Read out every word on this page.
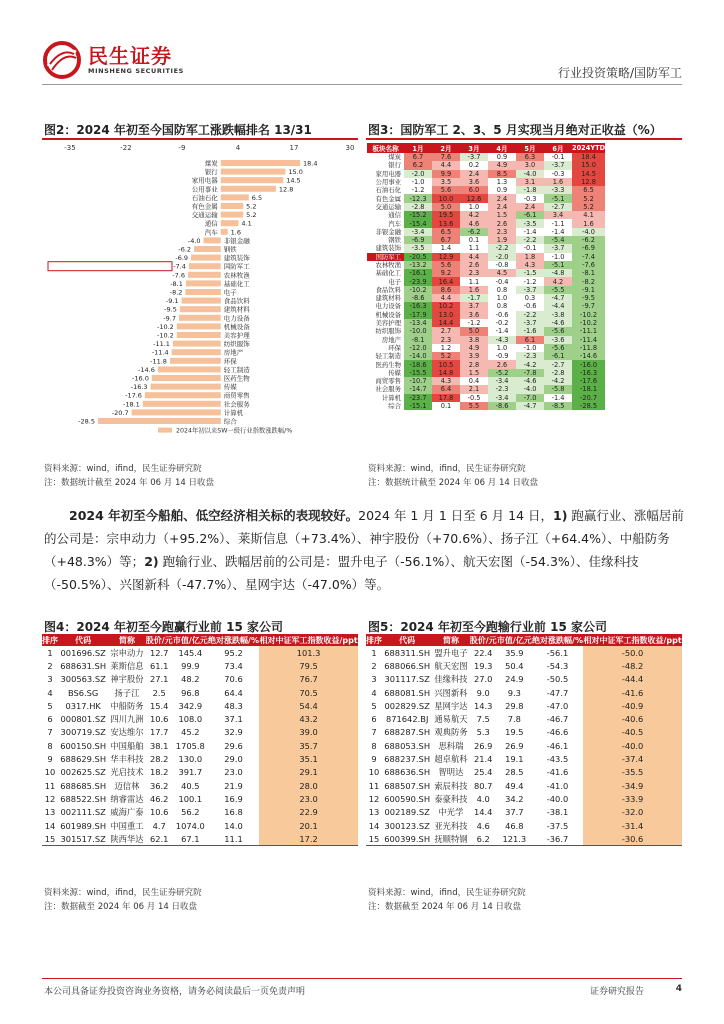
民生证券
MINSHENG SECURITIES	行业投资策略/国防军工
图2：2024 年初至今国防军工涨跌幅排名 13/31
-35	-22	-9	4	17	30
煤炭	18.4
银行	15.0
家用电器	14.5
公用事业	12.8
石油石化	6.5
有色金属	5.2
交通运输	5.2
通信	4.1
汽车 1.6
非银金融
-4.0
钢铁
-6.2
建筑装饰
-6.9
国防军工
-7.4
农林牧渔
-7.6
基础化工
-8.1
电子
-8.2
食品饮料
-9.1
建筑材料
-9.5
电力设备
-9.7
机械设备
-10.2
美容护理
-10.2
纺织服饰
-11.1
房地产
-11.4
环保
-11.8
轻工制造
-14.6
医药生物
-16.0
传媒
-16.3
商贸零售
-17.6
社会服务
-18.1
计算机
-20.7
综合
-28.5
2024年初以来SW一级行业指数涨跌幅/%
资料来源：wind，ifind，民生证券研究院
注：数据统计截至 2024 年 06 月 14 日收盘
图3：国防军工 2、3、5 月实现当月绝对正收益（%）
板块名称	1月	2月	3月	4月	5月	6月	2024YTD
煤炭	6.7	7.6	-3.7	0.9	6.3	-0.1	18.4
银行	6.2	4.4	0.2	4.9	3.0	-3.7	15.0
家用电器	-2.0	9.9	2.4	8.5	-4.0	-0.3	14.5
公用事业	-1.0	3.5	3.6	1.3	3.1	1.6	12.8
石油石化	-1.2	5.6	6.0	0.9	-1.8	-3.3	6.5
有色金属	-12.3	10.0	12.6	2.4	-0.3	-5.1	5.2
交通运输	-2.8	5.0	1.0	2.4	2.4	-2.7	5.2
通信	-15.2	19.5	4.2	1.5	-6.1	3.4	4.1
汽车	-15.4	13.6	4.6	2.6	-3.5	-1.1	1.6
非银金融	-3.4	6.5	-6.2	2.3	-1.4	-1.4	-4.0
钢铁	-6.9	6.7	0.1	1.9	-2.2	-5.4	-6.2
建筑装饰	-3.5	1.4	1.1	-2.2	-0.1	-3.7	-6.9
国防军工	-20.5	12.9	4.4	-2.0	1.8	-1.0	-7.4
农林牧渔	-13.2	5.6	2.6	-0.8	4.3	-5.1	-7.6
基础化工	-16.1	9.2	2.3	4.5	-1.5	-4.8	-8.1
电子	-23.9	16.4	1.1	-0.4	-1.2	4.2	-8.2
食品饮料	-10.2	8.6	1.6	0.8	-3.7	-5.5	-9.1
建筑材料	-8.6	4.4	-1.7	1.0	0.3	-4.7	-9.5
电力设备	-16.3	10.2	3.7	0.8	-0.6	-4.4	-9.7
机械设备	-17.9	13.0	3.6	-0.6	-2.2	-3.8	-10.2
美容护理	-13.4	14.4	-1.2	-0.2	-3.7	-4.6	-10.2
纺织服饰	-10.0	2.7	5.0	-1.4	-1.6	-5.6	-11.1
房地产	-8.1	2.3	3.8	-4.3	6.1	-3.6	-11.4
环保	-12.0	1.2	4.9	1.0	-1.0	-5.6	-11.8
轻工制造	-14.0	5.2	3.9	-0.9	-2.3	-6.1	-14.6
医药生物	-18.6	10.5	2.8	2.6	-4.2	-2.7	-16.0
传媒	-15.5	14.8	1.5	-5.2	-7.8	-2.8	-16.3
商贸零售	-10.7	4.3	0.4	-3.4	-4.6	-4.2	-17.6
社会服务	-14.7	6.4	2.1	-2.3	-4.0	-5.8	-18.1
计算机	-23.7	17.8	-0.5	-3.4	-7.0	-1.4	-20.7
综合	-15.1	0.1	5.5	-8.6	-4.7	-8.5	-28.5
资料来源：wind，ifind，民生证券研究院
注：数据统计截至 2024 年 06 月 14 日收盘
2024 年初至今船舶、低空经济相关标的表现较好。2024 年 1 月 1 日至 6 月 14 日，1) 跑赢行业、涨幅居前的公司是：宗申动力（+95.2%）、莱斯信息（+73.4%）、神宇股份（+70.6%）、扬子江（+64.4%）、中船防务（+48.3%）等；2) 跑输行业、跌幅居前的公司是：盟升电子（-56.1%）、航天宏图（-54.3%）、佳缘科技（-50.5%）、兴图新科（-47.7%）、星网宇达（-47.0%）等。
图4：2024 年初至今跑赢行业前 15 家公司
排序	代码	简称	股价/元	市值/亿元	绝对涨跌幅/%	相对中证军工指数收益/ppt
1	001696.SZ	宗申动力	12.7	145.4	95.2	101.3
2	688631.SH	莱斯信息	61.1	99.9	73.4	79.5
3	300563.SZ	神宇股份	27.1	48.2	70.6	76.7
4	BS6.SG	扬子江	2.5	96.8	64.4	70.5
5	0317.HK	中船防务	15.4	342.9	48.3	54.4
6	000801.SZ	四川九洲	10.6	108.0	37.1	43.2
7	300719.SZ	安达维尔	17.7	45.2	32.9	39.0
8	600150.SH	中国船舶	38.1	1705.8	29.6	35.7
9	688629.SH	华丰科技	28.2	130.0	29.0	35.1
10	002625.SZ	光启技术	18.2	391.7	23.0	29.1
11	688685.SH	迈信林	36.2	40.5	21.9	28.0
12	688522.SH	纳睿雷达	46.2	100.1	16.9	23.0
13	002111.SZ	威海广泰	10.6	56.2	16.8	22.9
14	601989.SH	中国重工	4.7	1074.0	14.0	20.1
15	301517.SZ	陕西华达	62.1	67.1	11.1	17.2
资料来源：wind，ifind，民生证券研究院
注：数据截至 2024 年 06 月 14 日收盘
图5：2024 年初至今跑输行业前 15 家公司
排序	代码	简称	股价/元	市值/亿元	绝对涨跌幅/%	相对中证军工指数收益/ppt
1	688311.SH	盟升电子	22.4	35.9	-56.1	-50.0
2	688066.SH	航天宏图	19.3	50.4	-54.3	-48.2
3	301117.SZ	佳缘科技	27.0	24.9	-50.5	-44.4
4	688081.SH	兴图新科	9.0	9.3	-47.7	-41.6
5	002829.SZ	星网宇达	14.3	29.8	-47.0	-40.9
6	871642.BJ	通易航天	7.5	7.8	-46.7	-40.6
7	688287.SH	观典防务	5.3	19.5	-46.6	-40.5
8	688053.SH	思科瑞	26.9	26.9	-46.1	-40.0
9	688237.SH	超卓航科	21.4	19.1	-43.5	-37.4
10	688636.SH	智明达	25.4	28.5	-41.6	-35.5
11	688507.SH	索辰科技	80.7	49.4	-41.0	-34.9
12	600590.SH	泰豪科技	4.0	34.2	-40.0	-33.9
13	002189.SZ	中光学	14.4	37.7	-38.1	-32.0
14	300123.SZ	亚光科技	4.6	46.8	-37.5	-31.4
15	600399.SH	抚顺特钢	6.2	121.3	-36.7	-30.6
资料来源：wind，ifind，民生证券研究院
注：数据截至 2024 年 06 月 14 日收盘
本公司具备证券投资咨询业务资格，请务必阅读最后一页免责声明	证券研究报告	4
